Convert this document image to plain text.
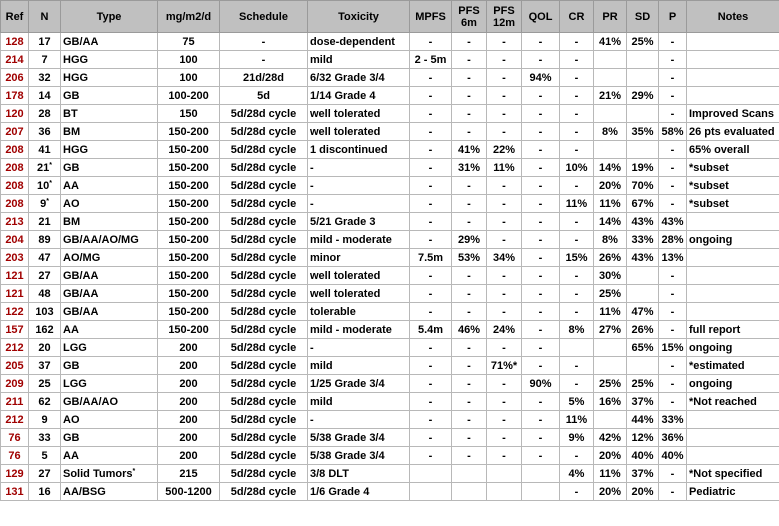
Ref	N	Type	mg/m2/d	Schedule	Toxicity	MPFS	PFS 6m	PFS 12m	QOL	CR	PR	SD	P	Notes
128	17	GB/AA	75	-	dose-dependent	-	-	-	-	-	41%	25%	-	
214	7	HGG	100	-	mild	2 - 5m	-	-	-	-			-	
206	32	HGG	100	21d/28d	6/32 Grade 3/4	-	-	-	94%	-			-	
178	14	GB	100-200	5d	1/14 Grade 4	-	-	-	-	-	21%	29%	-	
120	28	BT	150	5d/28d cycle	well tolerated	-	-	-	-	-			-	Improved Scans
207	36	BM	150-200	5d/28d cycle	well tolerated	-	-	-	-	-	8%	35%	58%	26 pts evaluated
208	41	HGG	150-200	5d/28d cycle	1 discontinued	-	41%	22%	-	-			-	65% overall
208	21*	GB	150-200	5d/28d cycle	-	-	31%	11%	-	10%	14%	19%	-	*subset
208	10*	AA	150-200	5d/28d cycle	-	-	-	-	-	-	20%	70%	-	*subset
208	9*	AO	150-200	5d/28d cycle	-	-	-	-	-	11%	11%	67%	-	*subset
213	21	BM	150-200	5d/28d cycle	5/21 Grade 3	-	-	-	-	-	14%	43%	43%	
204	89	GB/AA/AO/MG	150-200	5d/28d cycle	mild - moderate	-	29%	-	-	-	8%	33%	28%	ongoing
203	47	AO/MG	150-200	5d/28d cycle	minor	7.5m	53%	34%	-	15%	26%	43%	13%	
121	27	GB/AA	150-200	5d/28d cycle	well tolerated	-	-	-	-	-	30%		-	
121	48	GB/AA	150-200	5d/28d cycle	well tolerated	-	-	-	-	-	25%		-	
122	103	GB/AA	150-200	5d/28d cycle	tolerable	-	-	-	-	-	11%	47%	-	
157	162	AA	150-200	5d/28d cycle	mild - moderate	5.4m	46%	24%	-	8%	27%	26%	-	full report
212	20	LGG	200	5d/28d cycle	-	-	-	-	-			65%	15%	ongoing
205	37	GB	200	5d/28d cycle	mild	-	-	71%*	-	-			-	*estimated
209	25	LGG	200	5d/28d cycle	1/25 Grade 3/4	-	-	-	90%	-	25%	25%	-	ongoing
211	62	GB/AA/AO	200	5d/28d cycle	mild	-	-	-	-	5%	16%	37%	-	*Not reached
212	9	AO	200	5d/28d cycle	-	-	-	-	-	11%		44%	33%	
76	33	GB	200	5d/28d cycle	5/38 Grade 3/4	-	-	-	-	9%	42%	12%	36%	
76	5	AA	200	5d/28d cycle	5/38 Grade 3/4	-	-	-	-	-	20%	40%	40%	
129	27	Solid Tumors*	215	5d/28d cycle	3/8 DLT					4%	11%	37%	-	*Not specified
131	16	AA/BSG	500-1200	5d/28d cycle	1/6 Grade 4					-	20%	20%	-	Pediatric
